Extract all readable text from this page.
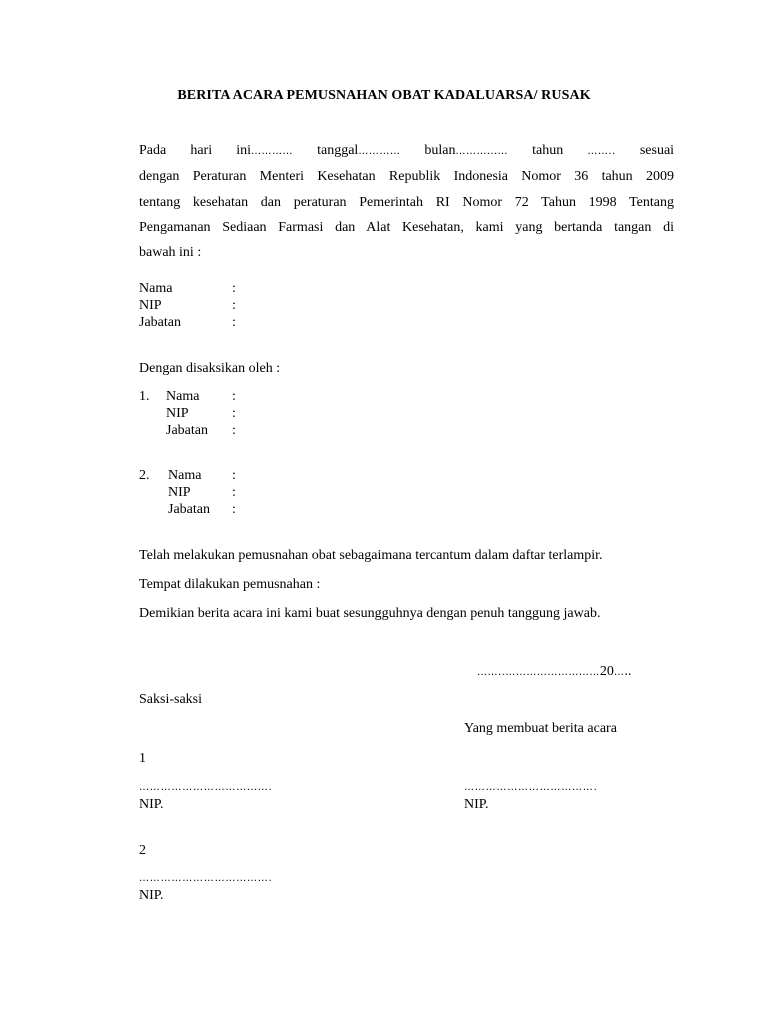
BERITA ACARA PEMUSNAHAN OBAT KADALUARSA/ RUSAK
Pada hari ini………… tanggal………… bulan…………… tahun …….. sesuai
dengan Peraturan Menteri Kesehatan Republik Indonesia Nomor 36 tahun 2009
tentang kesehatan dan peraturan Pemerintah RI Nomor 72 Tahun 1998 Tentang
Pengamanan Sediaan Farmasi dan Alat Kesehatan, kami yang bertanda tangan di
bawah ini :
Nama	:
NIP	:
Jabatan	:
Dengan disaksikan oleh :
1. Nama :
NIP	:
Jabatan :
2. Nama :
NIP	:
Jabatan :
Telah melakukan pemusnahan obat sebagaimana tercantum dalam daftar terlampir.
Tempat dilakukan pemusnahan :
Demikian berita acara ini kami buat sesungguhnya dengan penuh tanggung jawab.
……..………………………20…..
Saksi-saksi
Yang membuat berita acara
1
……………………………….
NIP.
……………………………….
NIP.
2
……………………………….
NIP.
